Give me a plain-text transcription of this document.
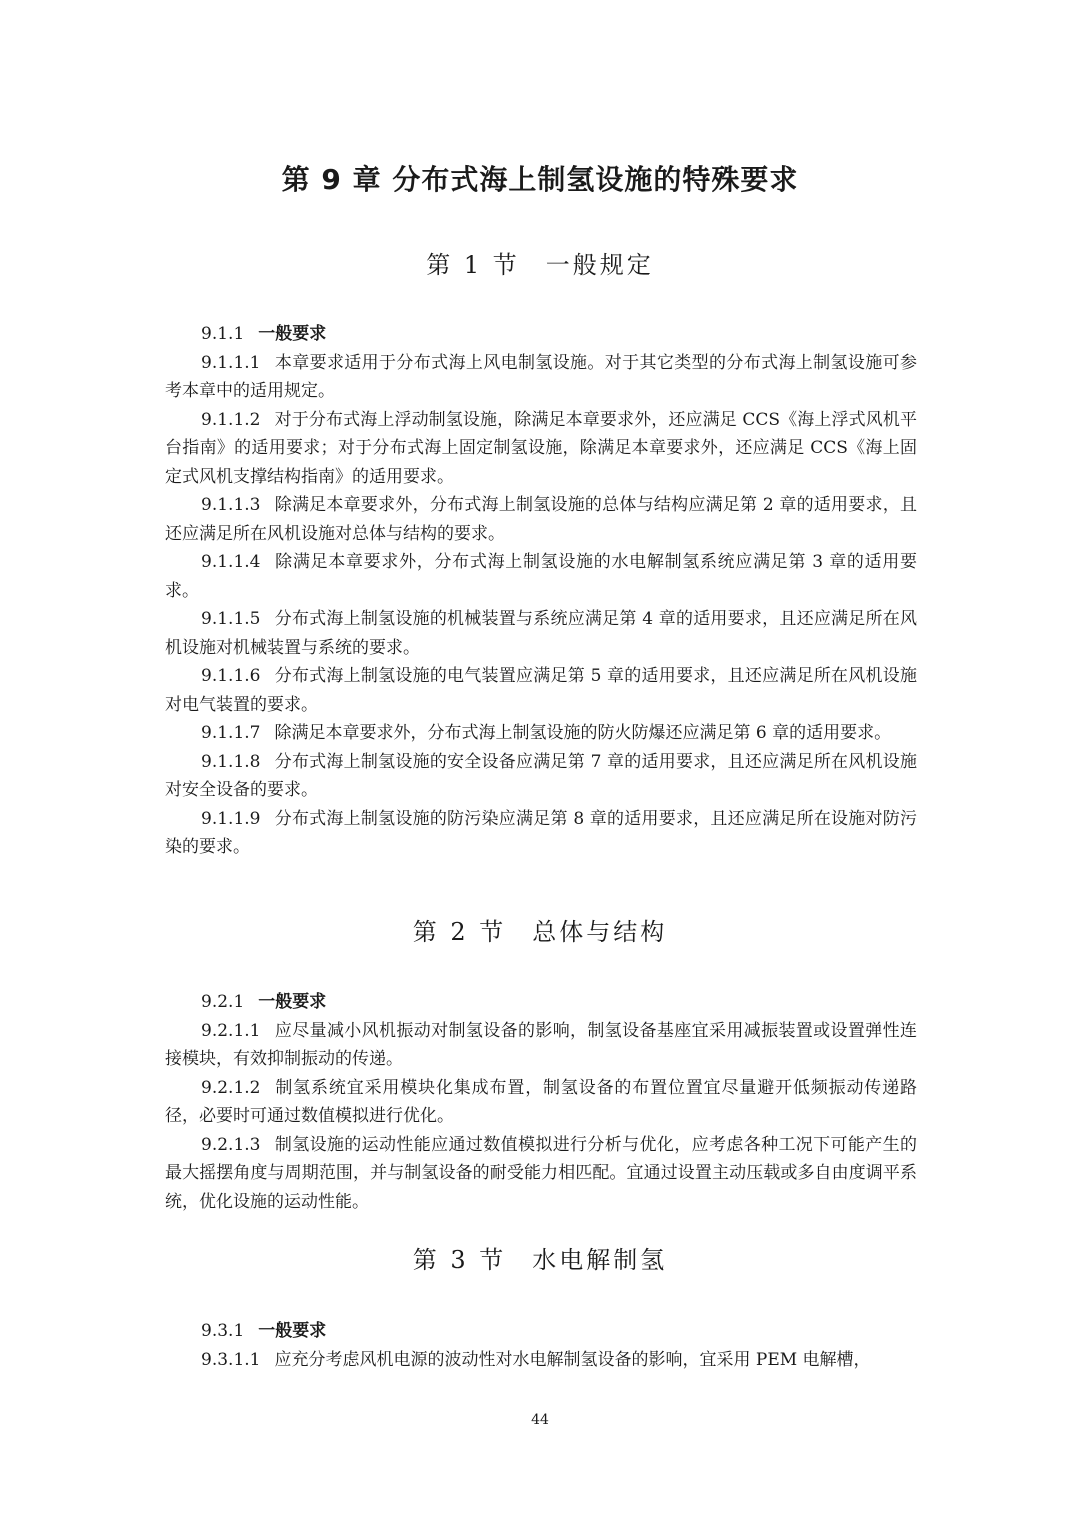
第 9 章 分布式海上制氢设施的特殊要求
第 1 节 一般规定
9.1.1 一般要求
9.1.1.1 本章要求适用于分布式海上风电制氢设施。对于其它类型的分布式海上制氢设施可参考本章中的适用规定。
9.1.1.2 对于分布式海上浮动制氢设施，除满足本章要求外，还应满足 CCS《海上浮式风机平台指南》的适用要求；对于分布式海上固定制氢设施，除满足本章要求外，还应满足 CCS《海上固定式风机支撑结构指南》的适用要求。
9.1.1.3 除满足本章要求外，分布式海上制氢设施的总体与结构应满足第 2 章的适用要求，且还应满足所在风机设施对总体与结构的要求。
9.1.1.4 除满足本章要求外，分布式海上制氢设施的水电解制氢系统应满足第 3 章的适用要求。
9.1.1.5 分布式海上制氢设施的机械装置与系统应满足第 4 章的适用要求，且还应满足所在风机设施对机械装置与系统的要求。
9.1.1.6 分布式海上制氢设施的电气装置应满足第 5 章的适用要求，且还应满足所在风机设施对电气装置的要求。
9.1.1.7 除满足本章要求外，分布式海上制氢设施的防火防爆还应满足第 6 章的适用要求。
9.1.1.8 分布式海上制氢设施的安全设备应满足第 7 章的适用要求，且还应满足所在风机设施对安全设备的要求。
9.1.1.9 分布式海上制氢设施的防污染应满足第 8 章的适用要求，且还应满足所在设施对防污染的要求。
第 2 节 总体与结构
9.2.1 一般要求
9.2.1.1 应尽量减小风机振动对制氢设备的影响，制氢设备基座宜采用减振装置或设置弹性连接模块，有效抑制振动的传递。
9.2.1.2 制氢系统宜采用模块化集成布置，制氢设备的布置位置宜尽量避开低频振动传递路径，必要时可通过数值模拟进行优化。
9.2.1.3 制氢设施的运动性能应通过数值模拟进行分析与优化，应考虑各种工况下可能产生的最大摇摆角度与周期范围，并与制氢设备的耐受能力相匹配。宜通过设置主动压载或多自由度调平系统，优化设施的运动性能。
第 3 节 水电解制氢
9.3.1 一般要求
9.3.1.1 应充分考虑风机电源的波动性对水电解制氢设备的影响，宜采用 PEM 电解槽，
44
